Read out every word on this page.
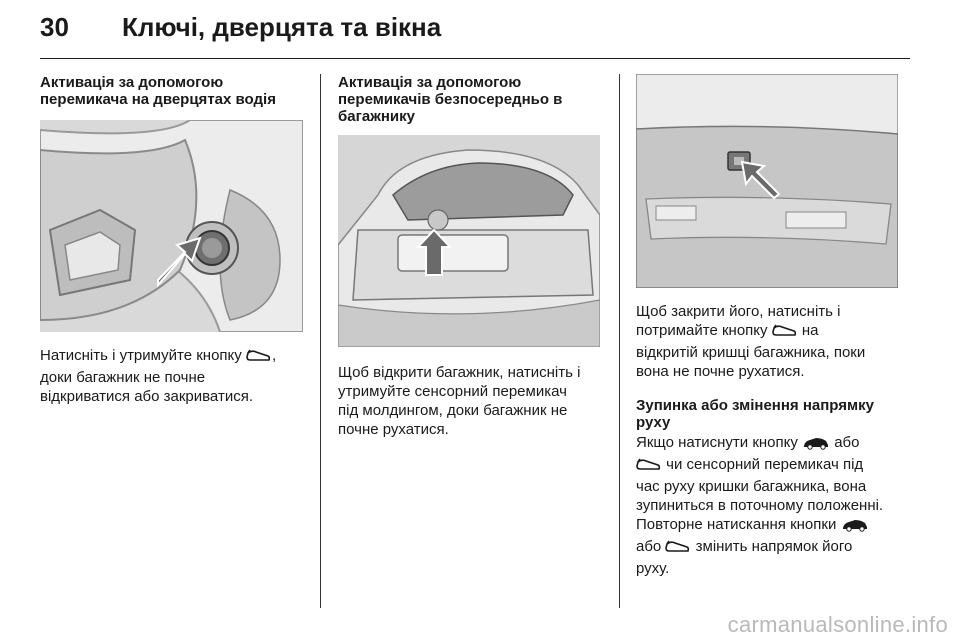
30	Ключі, дверцята та вікна
Активація за допомогою
перемикача на дверцятах водія

Натисніть і утримуйте кнопку ,
доки багажник не почне
відкриватися або закриватися.

Активація за допомогою
перемикачів безпосередньо в
багажнику

Щоб відкрити багажник, натисніть і
утримуйте сенсорний перемикач
під молдингом, доки багажник не
почне рухатися.

Щоб закрити його, натисніть і
потримайте кнопку на
відкритій кришці багажника, поки
вона не почне рухатися.

Зупинка або змінення напрямку
руху

Якщо натиснути кнопку або
чи сенсорний перемикач під
час руху кришки багажника, вона
зупиниться в поточному положенні.
Повторне натискання кнопки
або змінить напрямок його
руху.

carmanualsonline.info
